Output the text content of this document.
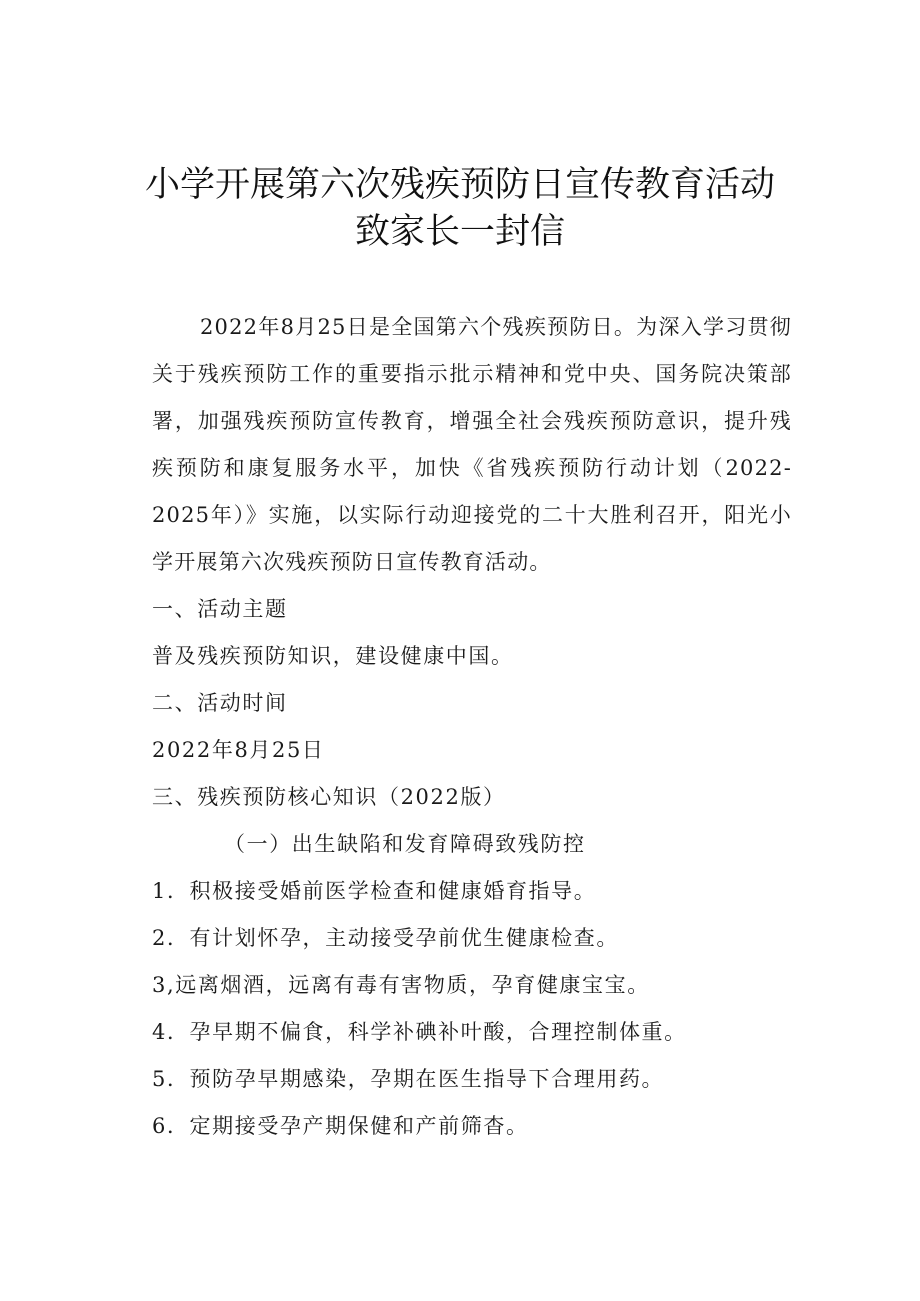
小学开展第六次残疾预防日宣传教育活动
致家长一封信

2022年8月25日是全国第六个残疾预防日。为深入学习贯彻关于残疾预防工作的重要指示批示精神和党中央、国务院决策部署，加强残疾预防宣传教育，增强全社会残疾预防意识，提升残疾预防和康复服务水平，加快《省残疾预防行动计划（2022-2025年）》实施，以实际行动迎接党的二十大胜利召开，阳光小学开展第六次残疾预防日宣传教育活动。

一、活动主题

普及残疾预防知识，建设健康中国。

二、活动时间

2022年8月25日

三、残疾预防核心知识（2022版）

（一）出生缺陷和发育障碍致残防控

1．积极接受婚前医学检查和健康婚育指导。

2．有计划怀孕，主动接受孕前优生健康检查。

3,远离烟酒，远离有毒有害物质，孕育健康宝宝。

4．孕早期不偏食，科学补碘补叶酸，合理控制体重。

5．预防孕早期感染，孕期在医生指导下合理用药。

6．定期接受孕产期保健和产前筛杳。
